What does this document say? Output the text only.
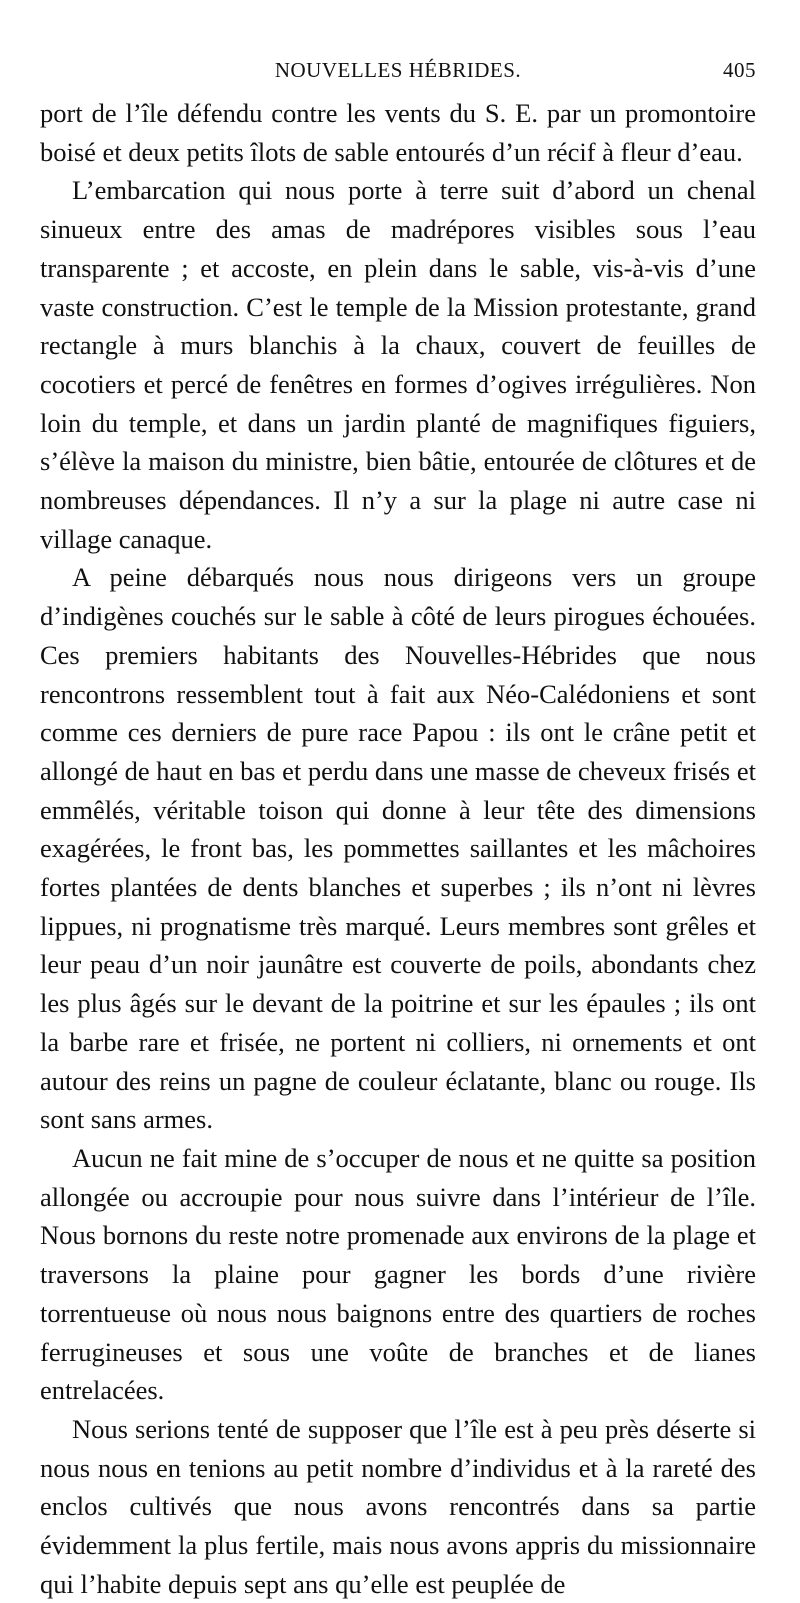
NOUVELLES HÉBRIDES.	405

port de l’île défendu contre les vents du S. E. par un promontoire boisé et deux petits îlots de sable entourés d’un récif à fleur d’eau.

L’embarcation qui nous porte à terre suit d’abord un chenal sinueux entre des amas de madrépores visibles sous l’eau transparente ; et accoste, en plein dans le sable, vis-à-vis d’une vaste construction. C’est le temple de la Mission protestante, grand rectangle à murs blanchis à la chaux, couvert de feuilles de cocotiers et percé de fenêtres en formes d’ogives irrégulières. Non loin du temple, et dans un jardin planté de magnifiques figuiers, s’élève la maison du ministre, bien bâtie, entourée de clôtures et de nombreuses dépendances. Il n’y a sur la plage ni autre case ni village canaque.

A peine débarqués nous nous dirigeons vers un groupe d’indigènes couchés sur le sable à côté de leurs pirogues échouées. Ces premiers habitants des Nouvelles-Hébrides que nous rencontrons ressemblent tout à fait aux Néo-Calédoniens et sont comme ces derniers de pure race Papou : ils ont le crâne petit et allongé de haut en bas et perdu dans une masse de cheveux frisés et emmêlés, véritable toison qui donne à leur tête des dimensions exagérées, le front bas, les pommettes saillantes et les mâchoires fortes plantées de dents blanches et superbes ; ils n’ont ni lèvres lippues, ni prognatisme très marqué. Leurs membres sont grêles et leur peau d’un noir jaunâtre est couverte de poils, abondants chez les plus âgés sur le devant de la poitrine et sur les épaules ; ils ont la barbe rare et frisée, ne portent ni colliers, ni ornements et ont autour des reins un pagne de couleur éclatante, blanc ou rouge. Ils sont sans armes.

Aucun ne fait mine de s’occuper de nous et ne quitte sa position allongée ou accroupie pour nous suivre dans l’intérieur de l’île. Nous bornons du reste notre promenade aux environs de la plage et traversons la plaine pour gagner les bords d’une rivière torrentueuse où nous nous baignons entre des quartiers de roches ferrugineuses et sous une voûte de branches et de lianes entrelacées.

Nous serions tenté de supposer que l’île est à peu près déserte si nous nous en tenions au petit nombre d’individus et à la rareté des enclos cultivés que nous avons rencontrés dans sa partie évidemment la plus fertile, mais nous avons appris du missionnaire qui l’habite depuis sept ans qu’elle est peuplée de
